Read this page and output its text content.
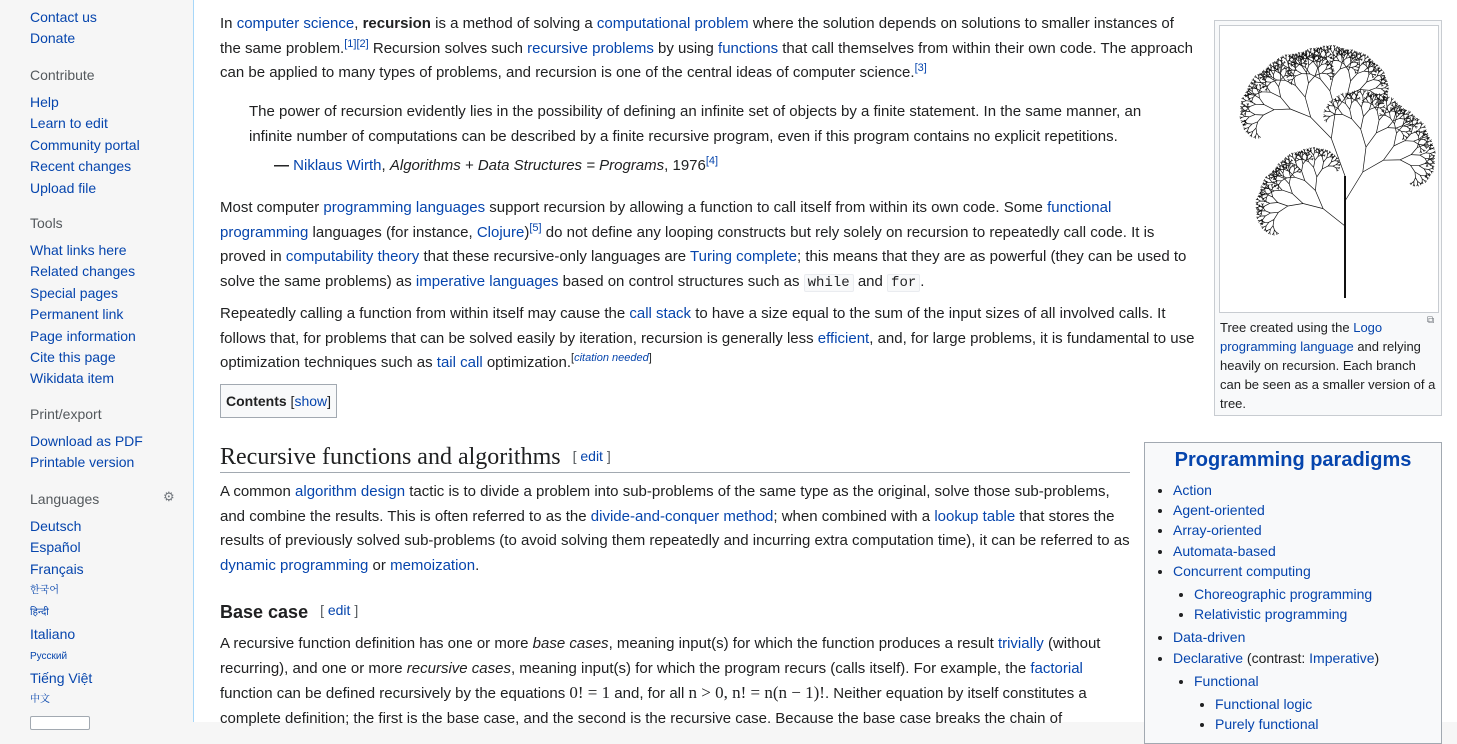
Contact us
Donate
Contribute
Help
Learn to edit
Community portal
Recent changes
Upload file
Tools
What links here
Related changes
Special pages
Permanent link
Page information
Cite this page
Wikidata item
Print/export
Download as PDF
Printable version
Languages
Deutsch
Español
Français
한국어
हिन्दी
Italiano
Русский
Tiếng Việt
中文
⚙

In computer science, recursion is a method of solving a computational problem where the solution depends on solutions to smaller instances of the same problem.[1][2] Recursion solves such recursive problems by using functions that call themselves from within their own code. The approach can be applied to many types of problems, and recursion is one of the central ideas of computer science.[3]

The power of recursion evidently lies in the possibility of defining an infinite set of objects by a finite statement. In the same manner, an infinite number of computations can be described by a finite recursive program, even if this program contains no explicit repetitions.
— Niklaus Wirth, Algorithms + Data Structures = Programs, 1976[4]

Most computer programming languages support recursion by allowing a function to call itself from within its own code. Some functional programming languages (for instance, Clojure)[5] do not define any looping constructs but rely solely on recursion to repeatedly call code. It is proved in computability theory that these recursive-only languages are Turing complete; this means that they are as powerful (they can be used to solve the same problems) as imperative languages based on control structures such as while and for .

Repeatedly calling a function from within itself may cause the call stack to have a size equal to the sum of the input sizes of all involved calls. It follows that, for problems that can be solved easily by iteration, recursion is generally less efficient, and, for large problems, it is fundamental to use optimization techniques such as tail call optimization.[citation needed]

Contents [show]
Recursive functions and algorithms [ edit ]

A common algorithm design tactic is to divide a problem into sub-problems of the same type as the original, solve those sub-problems, and combine the results. This is often referred to as the divide-and-conquer method; when combined with a lookup table that stores the results of previously solved sub-problems (to avoid solving them repeatedly and incurring extra computation time), it can be referred to as dynamic programming or memoization.

Base case [ edit ]

A recursive function definition has one or more base cases, meaning input(s) for which the function produces a result trivially (without recurring), and one or more recursive cases, meaning input(s) for which the program recurs (calls itself). For example, the factorial function can be defined recursively by the equations 0! = 1 and, for all n > 0, n! = n(n − 1)!. Neither equation by itself constitutes a complete definition; the first is the base case, and the second is the recursive case. Because the base case breaks the chain of

⧉
Tree created using the Logo programming language and relying heavily on recursion. Each branch can be seen as a smaller version of a tree.
Programming paradigms
• Action
• Agent-oriented
• Array-oriented
• Automata-based
• Concurrent computing
• Choreographic programming
• Relativistic programming
• Data-driven
• Declarative (contrast: Imperative)
• Functional
• Functional logic
• Purely functional
